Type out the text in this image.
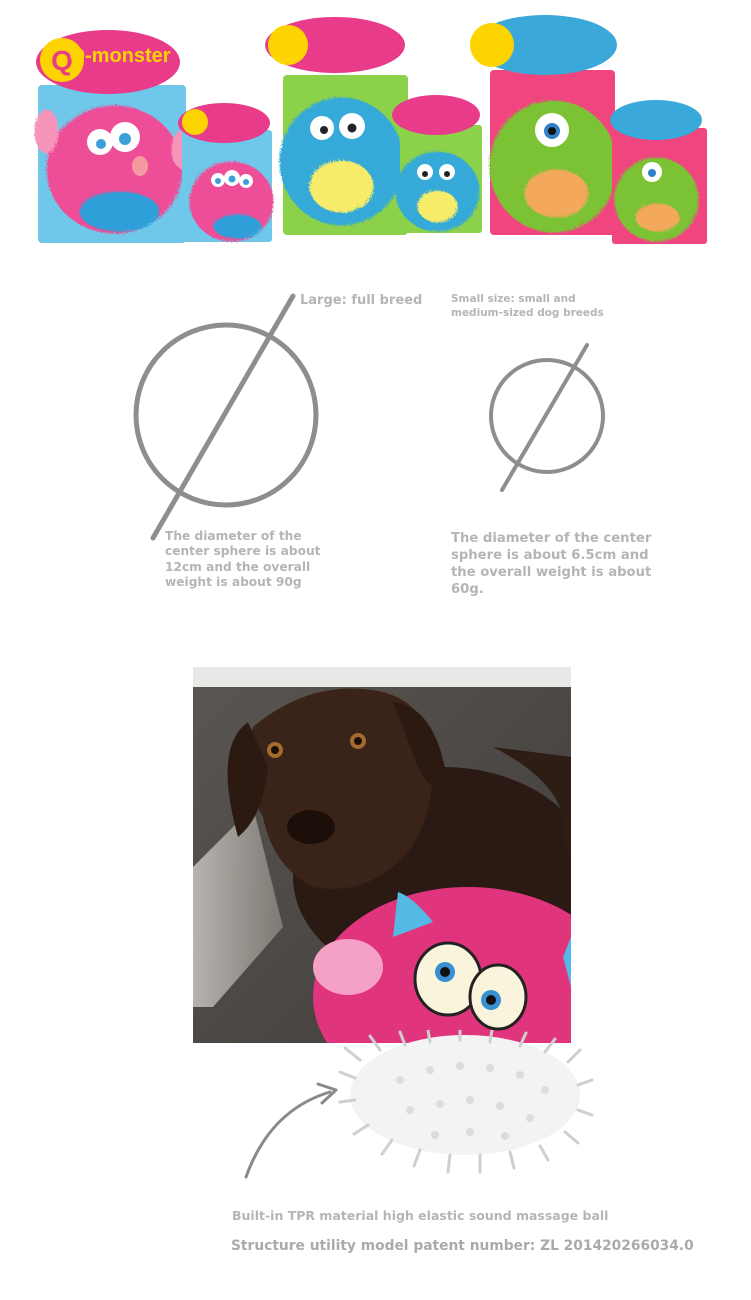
Q
Q-monster
Large: full breed	Small size: small and medium-sized dog breeds
The diameter of the center sphere is about 12cm and the overall weight is about 90g
The diameter of the center sphere is about 6.5cm and the overall weight is about 60g.
Built-in TPR material high elastic sound massage ball
Structure utility model patent number: ZL 201420266034.0
